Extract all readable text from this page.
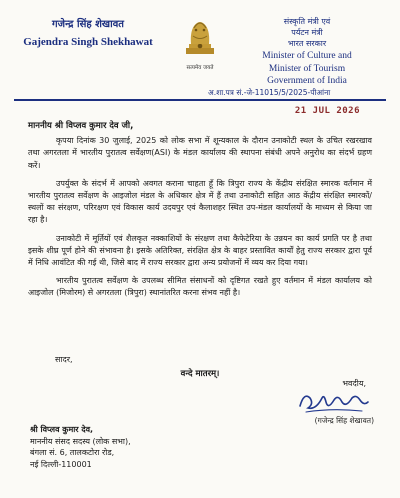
गजेन्द्र सिंह शेखावत
Gajendra Singh Shekhawat
सत्यमेव जयते
संस्कृति मंत्री एवं
पर्यटन मंत्री
भारत सरकार
Minister of Culture and
Minister of Tourism
Government of India
अ.शा.पत्र सं.-जे-11015/5/2025-पीआंना
21 JUL 2026
माननीय श्री विप्लव कुमार देव जी,

कृपया दिनांक 30 जुलाई, 2025 को लोक सभा में शून्यकाल के दौरान उनाकोटी स्थल के उचित रखरखाव तथा अगरतला में भारतीय पुरातत्व सर्वेक्षण(ASI) के मंडल कार्यालय की स्थापना संबंधी अपने अनुरोध का संदर्भ ग्रहण करें।

उपर्युक्त के संदर्भ में आपको अवगत कराना चाहता हूँ कि त्रिपुरा राज्य के केंद्रीय संरक्षित स्मारक वर्तमान में भारतीय पुरातत्व सर्वेक्षण के आइजोल मंडल के अधिकार क्षेत्र में हैं तथा उनाकोटी सहित आठ केंद्रीय संरक्षित स्मारकों/स्थलों का संरक्षण, परिरक्षण एवं विकास कार्य उदयपुर एवं कैलाशहर स्थित उप-मंडल कार्यालयों के माध्यम से किया जा रहा है।

उनाकोटी में मूर्तियों एवं शैलकृत नक्काशियों के संरक्षण तथा कैफेटेरिया के उन्नयन का कार्य प्रगति पर है तथा इसके शीघ्र पूर्ण होने की संभावना है। इसके अतिरिक्त, संरक्षित क्षेत्र के बाहर प्रस्तावित कार्यों हेतु राज्य सरकार द्वारा पूर्व में निधि आवंटित की गई थी, जिसे बाद में राज्य सरकार द्वारा अन्य प्रयोजनों में व्यय कर दिया गया।

भारतीय पुरातत्व सर्वेक्षण के उपलब्ध सीमित संसाधनों को दृष्टिगत रखते हुए वर्तमान में मंडल कार्यालय को आइजोल (मिजोरम) से अगरतला (त्रिपुरा) स्थानांतरित करना संभव नहीं है।

सादर,
वन्दे मातरम्।
भवदीय,
(गजेन्द्र सिंह शेखावत)
श्री विप्लव कुमार देव,
माननीय संसद सदस्य (लोक सभा),
बंगला सं. 6, तालकटोरा रोड,
नई दिल्ली-110001
